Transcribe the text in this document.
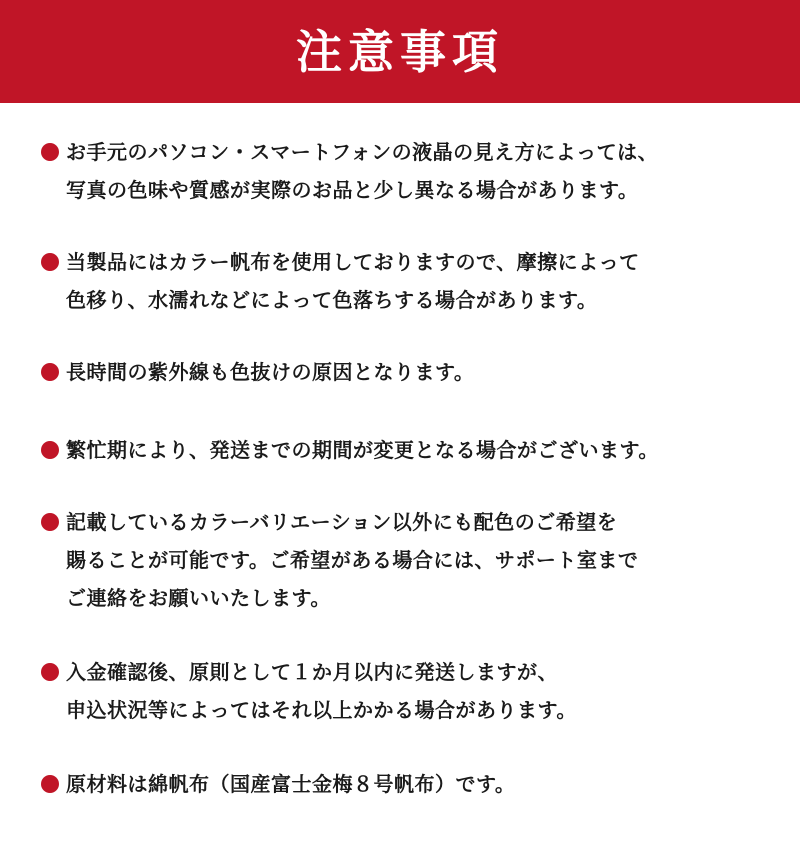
注意事項
お手元のパソコン・スマートフォンの液晶の見え方によっては、
写真の色味や質感が実際のお品と少し異なる場合があります。
当製品にはカラー帆布を使用しておりますので、摩擦によって
色移り、水濡れなどによって色落ちする場合があります。
長時間の紫外線も色抜けの原因となります。
繁忙期により、発送までの期間が変更となる場合がございます。
記載しているカラーバリエーション以外にも配色のご希望を
賜ることが可能です。ご希望がある場合には、サポート室まで
ご連絡をお願いいたします。
入金確認後、原則として１か月以内に発送しますが、
申込状況等によってはそれ以上かかる場合があります。
原材料は綿帆布（国産富士金梅８号帆布）です。
